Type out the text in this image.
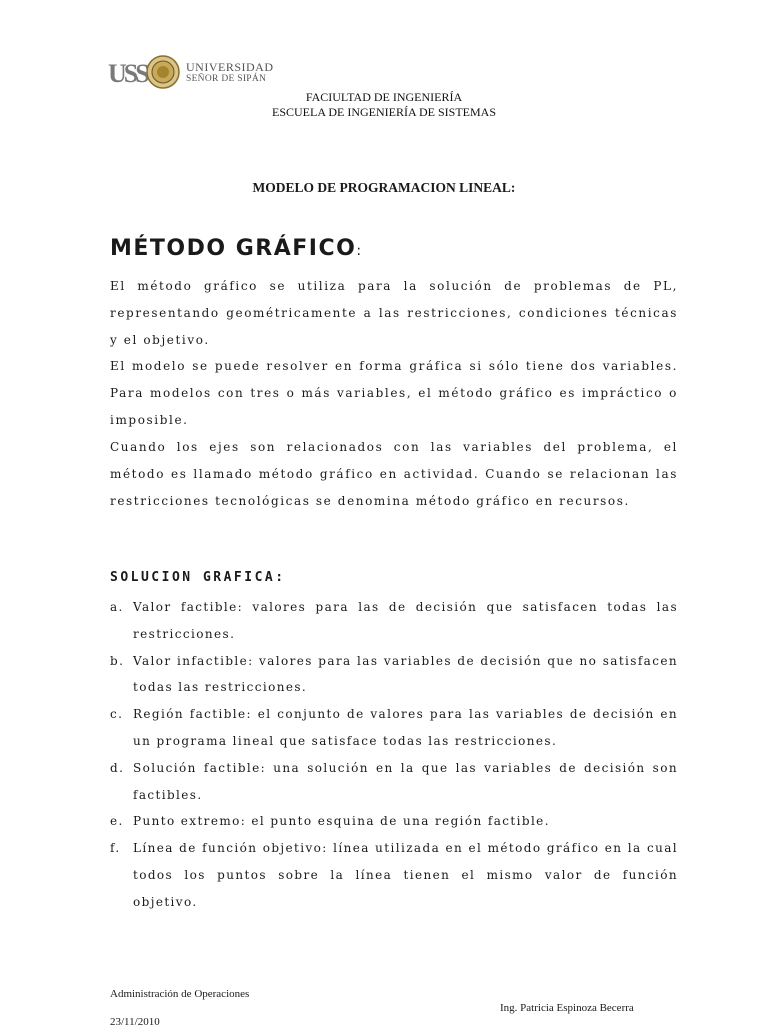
USS	UNIVERSIDAD
SEÑOR DE SIPÁN
FACIULTAD DE INGENIERÍA
ESCUELA DE INGENIERÍA DE SISTEMAS
MODELO DE PROGRAMACION LINEAL:
MÉTODO GRÁFICO:

El método gráfico se utiliza para la solución de problemas de PL, representando geométricamente a las restricciones, condiciones técnicas y el objetivo.

El modelo se puede resolver en forma gráfica si sólo tiene dos variables. Para modelos con tres o más variables, el método gráfico es impráctico o imposible.

Cuando los ejes son relacionados con las variables del problema, el método es llamado método gráfico en actividad. Cuando se relacionan las restricciones tecnológicas se denomina método gráfico en recursos.

SOLUCION GRAFICA:
a. Valor factible: valores para las de decisión que satisfacen todas las restricciones.
b. Valor infactible: valores para las variables de decisión que no satisfacen todas las restricciones.
c. Región factible: el conjunto de valores para las variables de decisión en un programa lineal que satisface todas las restricciones.
d. Solución factible: una solución en la que las variables de decisión son factibles.
e. Punto extremo: el punto esquina de una región factible.
f. Línea de función objetivo: línea utilizada en el método gráfico en la cual todos los puntos sobre la línea tienen el mismo valor de función objetivo.
Administración de Operaciones
23/11/2010
Ing. Patricia Espinoza Becerra
